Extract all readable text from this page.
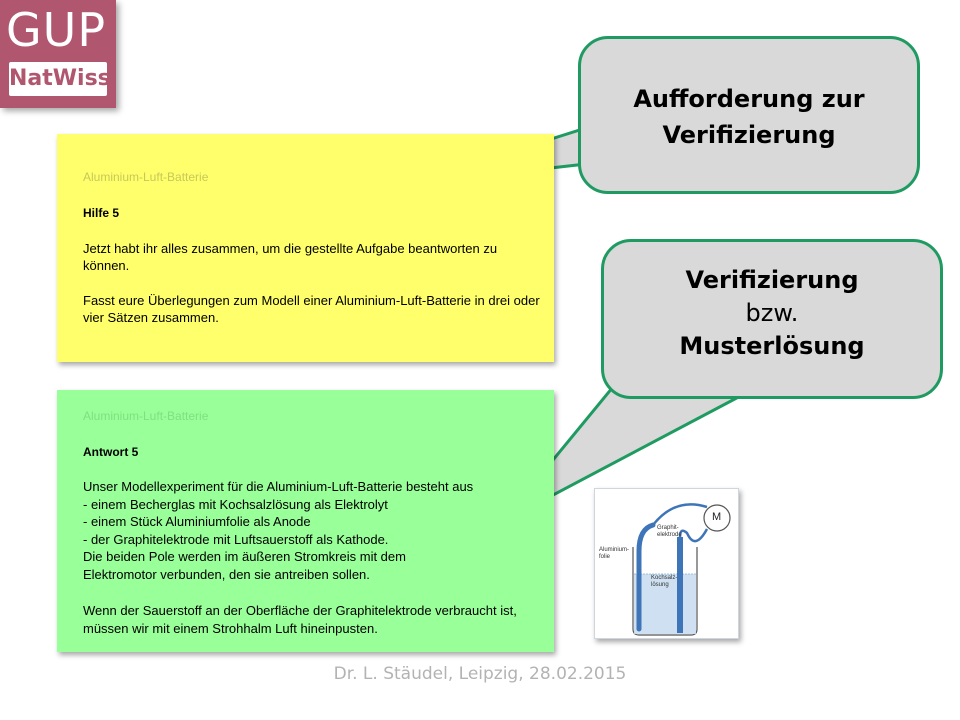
GUP
NatWiss
Aluminium-Luft-Batterie
Hilfe 5
Jetzt habt ihr alles zusammen, um die gestellte Aufgabe beantworten zu können.
Fasst eure Überlegungen zum Modell einer Aluminium-Luft-Batterie in drei oder vier Sätzen zusammen.
Aluminium-Luft-Batterie
Antwort 5
Unser Modellexperiment für die Aluminium-Luft-Batterie besteht aus
- einem Becherglas mit Kochsalzlösung als Elektrolyt
- einem Stück Aluminiumfolie als Anode
- der Graphitelektrode mit Luftsauerstoff als Kathode.
Die beiden Pole werden im äußeren Stromkreis mit dem
Elektromotor verbunden, den sie antreiben sollen.
Wenn der Sauerstoff an der Oberfläche der Graphitelektrode verbraucht ist, müssen wir mit einem Strohhalm Luft hineinpusten.
Aufforderung zur
Verifizierung
Verifizierung
bzw.
Musterlösung
M
Graphit-
elektrode
Aluminium-
folie
Kochsalz-
lösung
Dr. L. Stäudel, Leipzig, 28.02.2015
